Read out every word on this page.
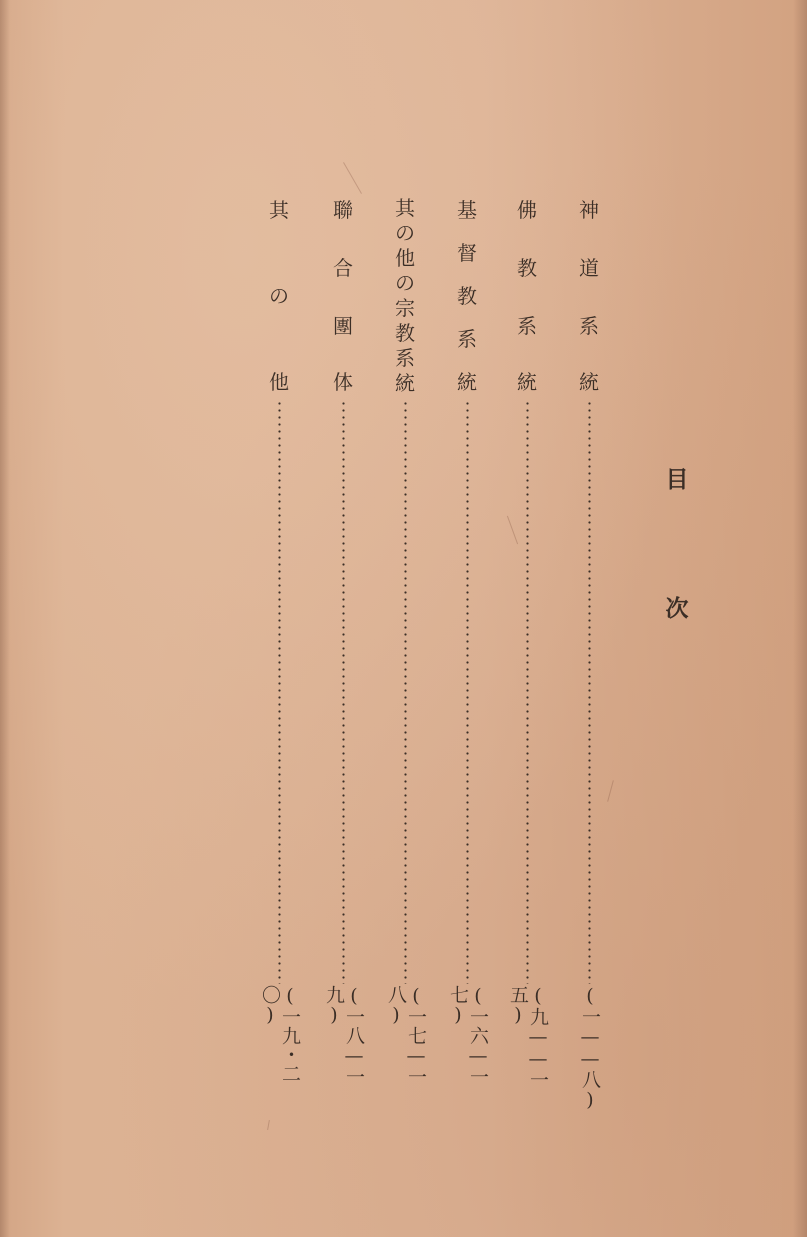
目
次
神
道
系
統
(一——八)
佛
教
系
統
(九——一五)
基
督
教
系
統
(一六—一七)
其
の
他
の
宗
教
系
統
(一七—一八)
聯
合
團
体
(一八—一九)
其
の
他
(一九・二〇)
